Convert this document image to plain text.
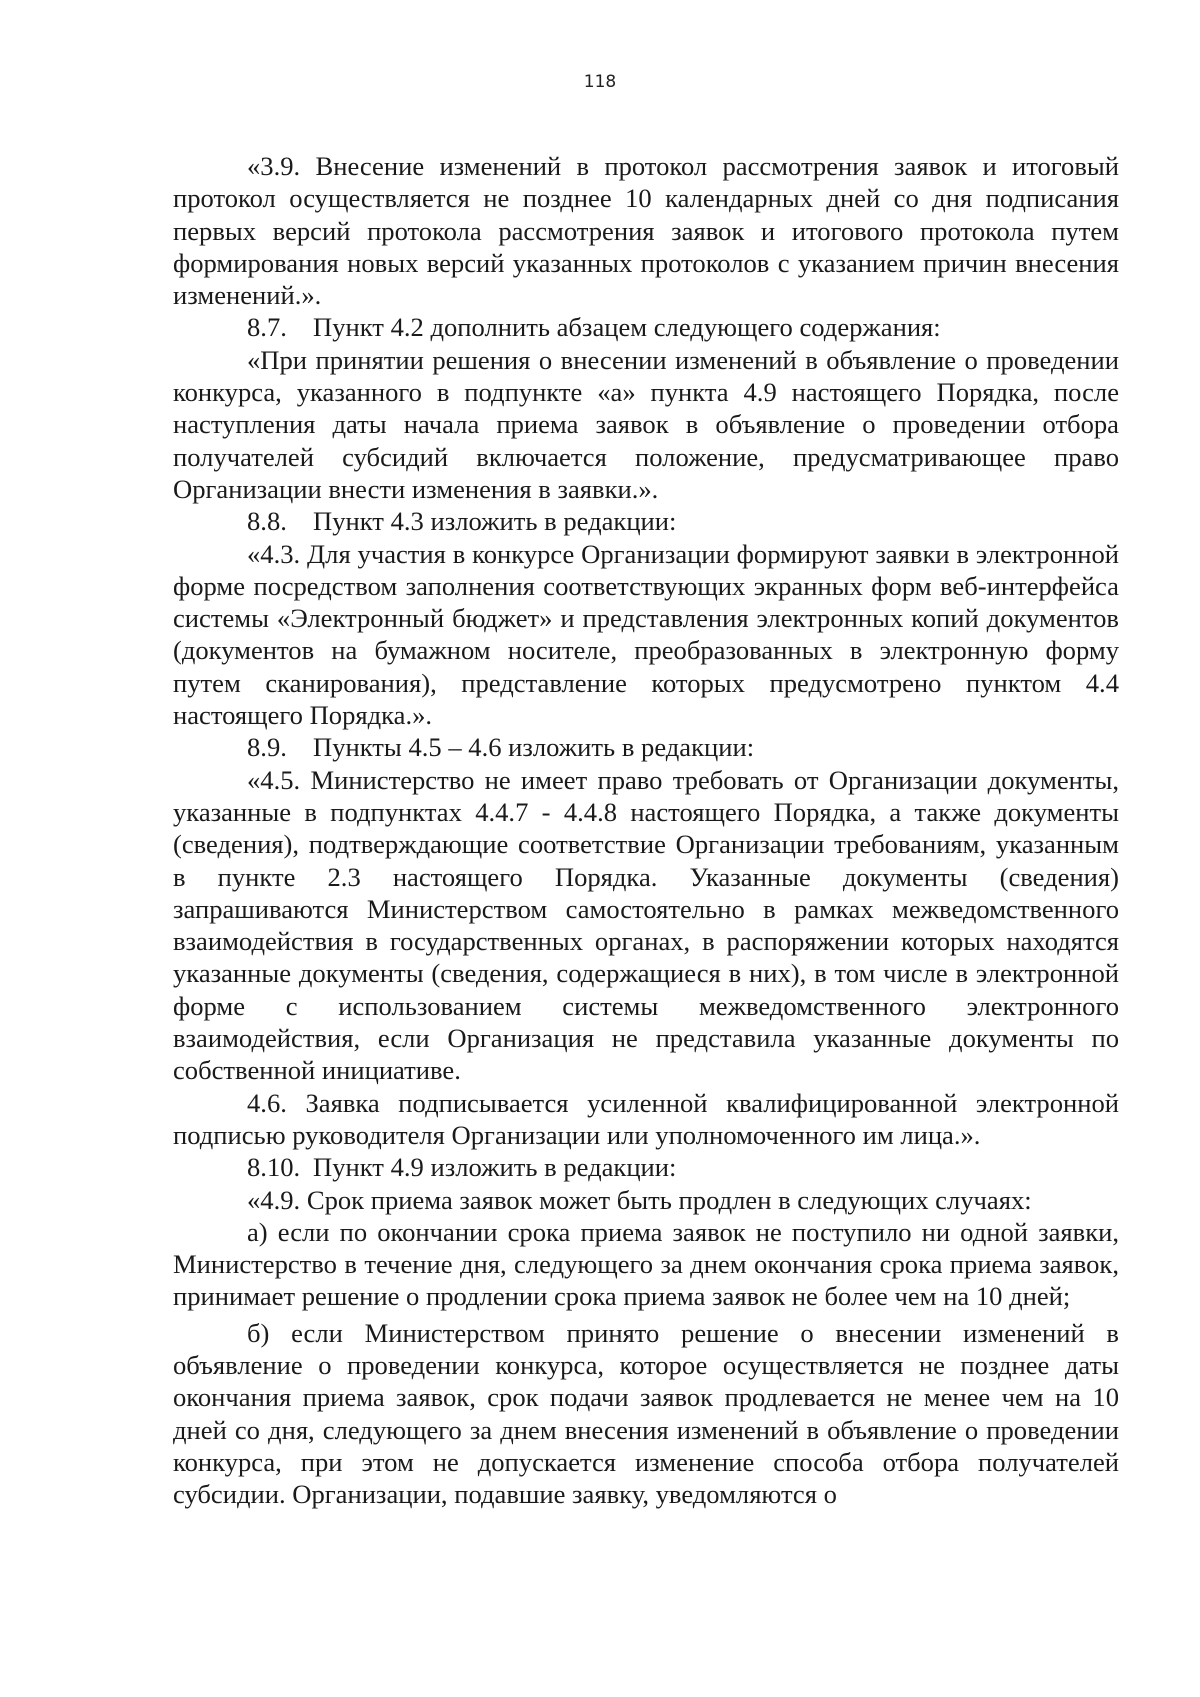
118

«3.9. Внесение изменений в протокол рассмотрения заявок и итоговый протокол осуществляется не позднее 10 календарных дней со дня подписания первых версий протокола рассмотрения заявок и итогового протокола путем формирования новых версий указанных протоколов с указанием причин внесения изменений.».

8.7. Пункт 4.2 дополнить абзацем следующего содержания:

«При принятии решения о внесении изменений в объявление о проведении конкурса, указанного в подпункте «а» пункта 4.9 настоящего Порядка, после наступления даты начала приема заявок в объявление о проведении отбора получателей субсидий включается положение, предусматривающее право Организации внести изменения в заявки.».

8.8. Пункт 4.3 изложить в редакции:

«4.3. Для участия в конкурсе Организации формируют заявки в электронной форме посредством заполнения соответствующих экранных форм веб-интерфейса системы «Электронный бюджет» и представления электронных копий документов (документов на бумажном носителе, преобразованных в электронную форму путем сканирования), представление которых предусмотрено пунктом 4.4 настоящего Порядка.».

8.9. Пункты 4.5 – 4.6 изложить в редакции:

«4.5. Министерство не имеет право требовать от Организации документы, указанные в подпунктах 4.4.7 - 4.4.8 настоящего Порядка, а также документы (сведения), подтверждающие соответствие Организации требованиям, указанным в пункте 2.3 настоящего Порядка. Указанные документы (сведения) запрашиваются Министерством самостоятельно в рамках межведомственного взаимодействия в государственных органах, в распоряжении которых находятся указанные документы (сведения, содержащиеся в них), в том числе в электронной форме с использованием системы межведомственного электронного взаимодействия, если Организация не представила указанные документы по собственной инициативе.

4.6. Заявка подписывается усиленной квалифицированной электронной подписью руководителя Организации или уполномоченного им лица.».

8.10. Пункт 4.9 изложить в редакции:

«4.9. Срок приема заявок может быть продлен в следующих случаях:

а) если по окончании срока приема заявок не поступило ни одной заявки, Министерство в течение дня, следующего за днем окончания срока приема заявок, принимает решение о продлении срока приема заявок не более чем на 10 дней;

б) если Министерством принято решение о внесении изменений в объявление о проведении конкурса, которое осуществляется не позднее даты окончания приема заявок, срок подачи заявок продлевается не менее чем на 10 дней со дня, следующего за днем внесения изменений в объявление о проведении конкурса, при этом не допускается изменение способа отбора получателей субсидии. Организации, подавшие заявку, уведомляются о
